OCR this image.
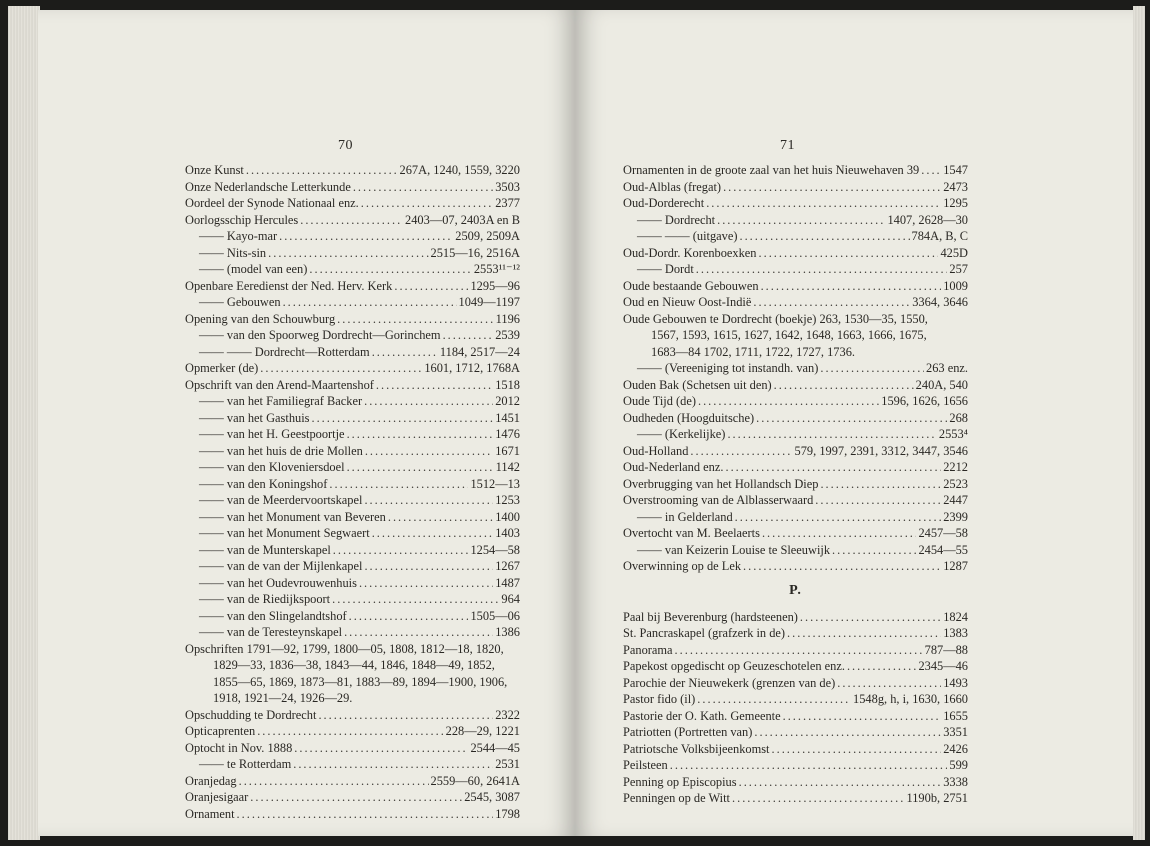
70
Onze Kunst .....	267A, 1240, 1559, 3220
Onze Nederlandsche Letterkunde .....	3503
Oordeel der Synode Nationaal enz. .....	2377
Oorlogsschip Hercules .....	2403—07, 2403A en B
—— Kayo-mar .....	2509, 2509A
—— Nits-sin .....	2515—16, 2516A
—— (model van een) .....	2553¹¹⁻¹²
Openbare Eeredienst der Ned. Herv. Kerk .....	1295—96
—— Gebouwen .....	1049—1197
Opening van den Schouwburg .....	1196
—— van den Spoorweg Dordrecht—Gorinchem .....	2539
—— —— Dordrecht—Rotterdam .....	1184, 2517—24
Opmerker (de) .....	1601, 1712, 1768A
Opschrift van den Arend-Maartenshof .....	1518
—— van het Familiegraf Backer .....	2012
—— van het Gasthuis .....	1451
—— van het H. Geestpoortje .....	1476
—— van het huis de drie Mollen .....	1671
—— van den Kloveniersdoel .....	1142
—— van den Koningshof .....	1512—13
—— van de Meerdervoortskapel .....	1253
—— van het Monument van Beveren .....	1400
—— van het Monument Segwaert .....	1403
—— van de Munterskapel .....	1254—58
—— van de van der Mijlenkapel .....	1267
—— van het Oudevrouwenhuis .....	1487
—— van de Riedijkspoort .....	964
—— van den Slingelandtshof .....	1505—06
—— van de Teresteynskapel .....	1386
Opschriften 1791—92, 1799, 1800—05, 1808, 1812—18, 1820,
1829—33, 1836—38, 1843—44, 1846, 1848—49, 1852,
1855—65, 1869, 1873—81, 1883—89, 1894—1900, 1906,
1918, 1921—24, 1926—29.
Opschudding te Dordrecht .....	2322
Opticaprenten .....	228—29, 1221
Optocht in Nov. 1888 .....	2544—45
—— te Rotterdam .....	2531
Oranjedag .....	2559—60, 2641A
Oranjesigaar .....	2545, 3087
Ornament .....	1798
71
Ornamenten in de groote zaal van het huis Nieuwehaven 39 ..... 1547
Oud-Alblas (fregat) .....	2473
Oud-Dorderecht .....	1295
—— Dordrecht .....	1407, 2628—30
—— —— (uitgave) .....	784A, B, C
Oud-Dordr. Korenboexken .....	425D
—— Dordt .....	257
Oude bestaande Gebouwen .....	1009
Oud en Nieuw Oost-Indië .....	3364, 3646
Oude Gebouwen te Dordrecht (boekje) 263, 1530—35, 1550,
1567, 1593, 1615, 1627, 1642, 1648, 1663, 1666, 1675,
1683—84 1702, 1711, 1722, 1727, 1736.
—— (Vereeniging tot instandh. van) .....	263 enz.
Ouden Bak (Schetsen uit den) .....	240A, 540
Oude Tijd (de) .....	1596, 1626, 1656
Oudheden (Hoogduitsche) .....	268
—— (Kerkelijke) .....	2553⁴
Oud-Holland .....	579, 1997, 2391, 3312, 3447, 3546
Oud-Nederland enz. .....	2212
Overbrugging van het Hollandsch Diep .....	2523
Overstrooming van de Alblasserwaard .....	2447
—— in Gelderland .....	2399
Overtocht van M. Beelaerts .....	2457—58
—— van Keizerin Louise te Sleeuwijk .....	2454—55
Overwinning op de Lek .....	1287
P.
Paal bij Beverenburg (hardsteenen) .....	1824
St. Pancraskapel (grafzerk in de) .....	1383
Panorama .....	787—88
Papekost opgedischt op Geuzeschotelen enz. .....	2345—46
Parochie der Nieuwekerk (grenzen van de) .....	1493
Pastor fido (il) .....	1548g, h, i, 1630, 1660
Pastorie der O. Kath. Gemeente .....	1655
Patriotten (Portretten van) .....	3351
Patriotsche Volksbijeenkomst .....	2426
Peilsteen .....	599
Penning op Episcopius .....	3338
Penningen op de Witt .....	1190b, 2751
